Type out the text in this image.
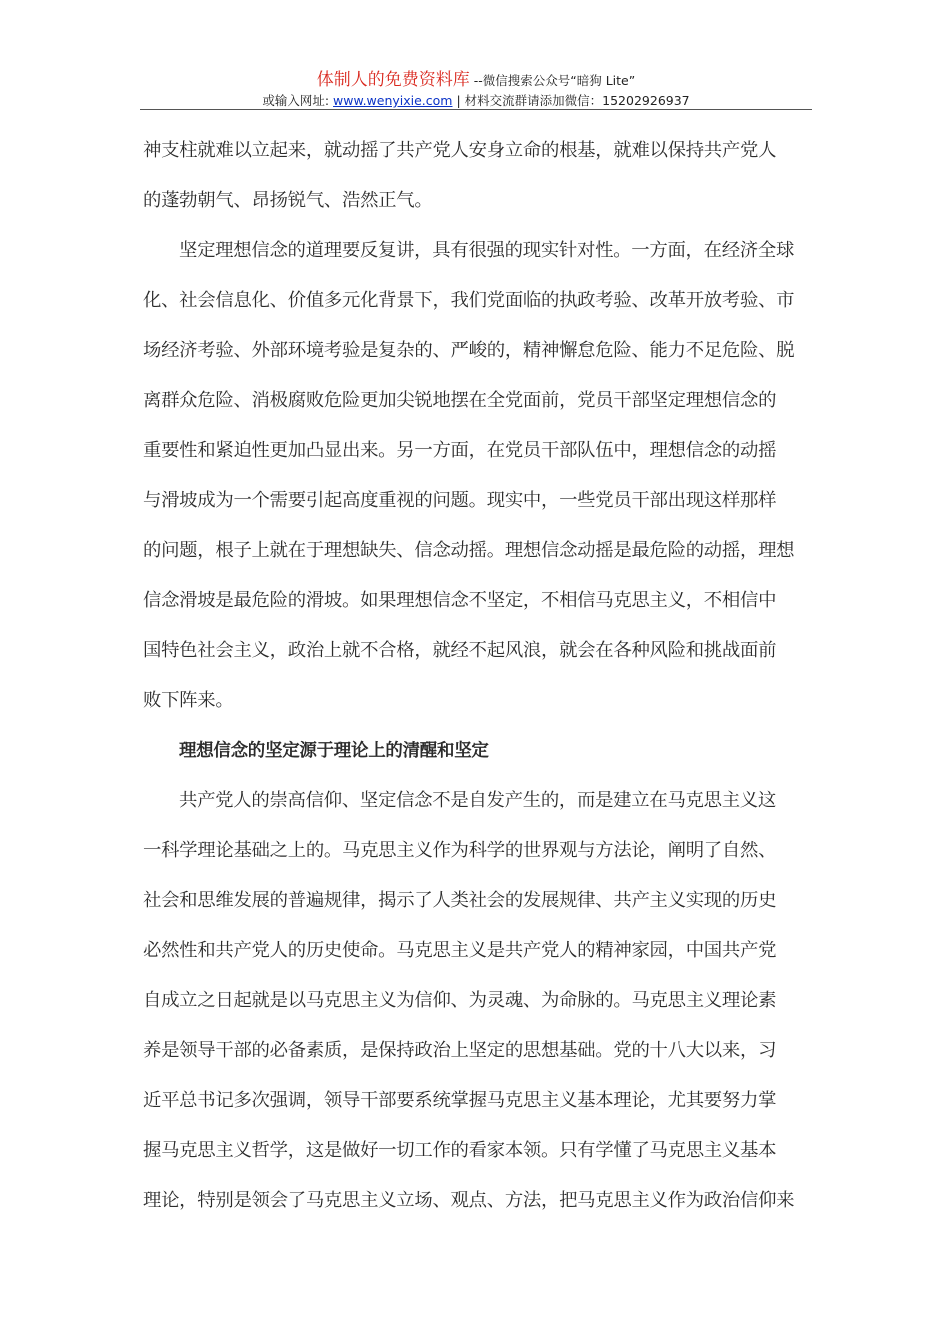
体制人的免费资料库 --微信搜索公众号“暗狗 Lite”
或输入网址: www.wenyixie.com | 材料交流群请添加微信：15202926937
神支柱就难以立起来，就动摇了共产党人安身立命的根基，就难以保持共产党人
的蓬勃朝气、昂扬锐气、浩然正气。
坚定理想信念的道理要反复讲，具有很强的现实针对性。一方面，在经济全球
化、社会信息化、价值多元化背景下，我们党面临的执政考验、改革开放考验、市
场经济考验、外部环境考验是复杂的、严峻的，精神懈怠危险、能力不足危险、脱
离群众危险、消极腐败危险更加尖锐地摆在全党面前，党员干部坚定理想信念的
重要性和紧迫性更加凸显出来。另一方面，在党员干部队伍中，理想信念的动摇
与滑坡成为一个需要引起高度重视的问题。现实中，一些党员干部出现这样那样
的问题，根子上就在于理想缺失、信念动摇。理想信念动摇是最危险的动摇，理想
信念滑坡是最危险的滑坡。如果理想信念不坚定，不相信马克思主义，不相信中
国特色社会主义，政治上就不合格，就经不起风浪，就会在各种风险和挑战面前
败下阵来。
理想信念的坚定源于理论上的清醒和坚定
共产党人的崇高信仰、坚定信念不是自发产生的，而是建立在马克思主义这
一科学理论基础之上的。马克思主义作为科学的世界观与方法论，阐明了自然、
社会和思维发展的普遍规律，揭示了人类社会的发展规律、共产主义实现的历史
必然性和共产党人的历史使命。马克思主义是共产党人的精神家园，中国共产党
自成立之日起就是以马克思主义为信仰、为灵魂、为命脉的。马克思主义理论素
养是领导干部的必备素质，是保持政治上坚定的思想基础。党的十八大以来，习
近平总书记多次强调，领导干部要系统掌握马克思主义基本理论，尤其要努力掌
握马克思主义哲学，这是做好一切工作的看家本领。只有学懂了马克思主义基本
理论，特别是领会了马克思主义立场、观点、方法，把马克思主义作为政治信仰来
